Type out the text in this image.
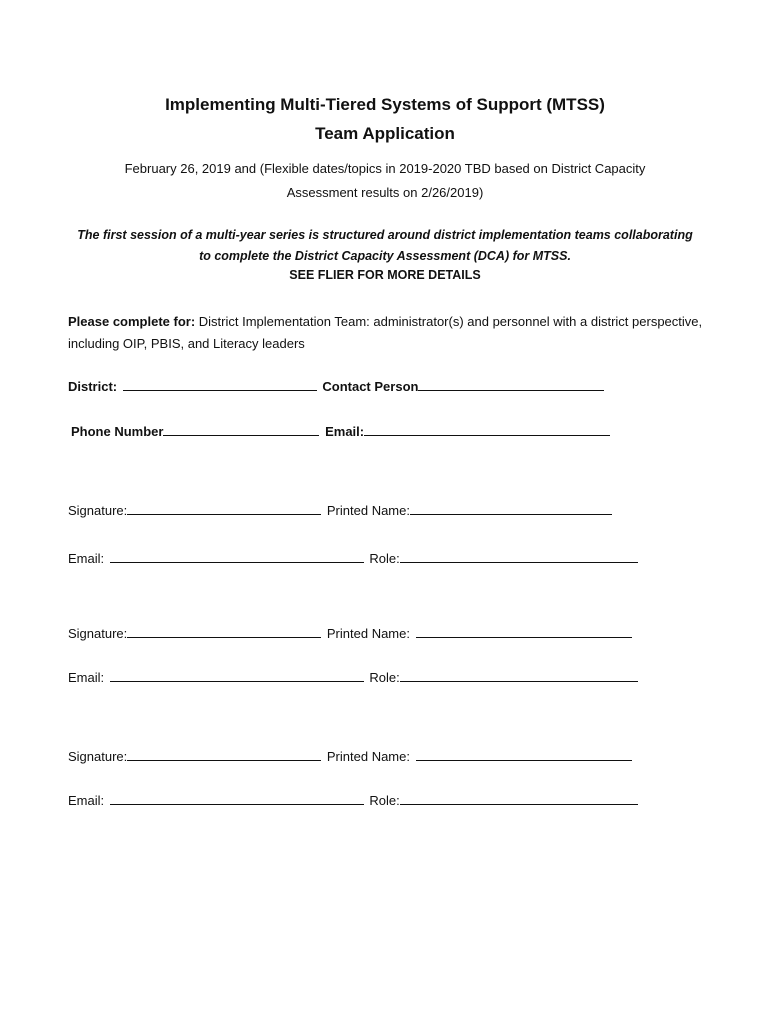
Implementing Multi-Tiered Systems of Support (MTSS)
Team Application
February 26, 2019 and (Flexible dates/topics in 2019-2020 TBD based on District Capacity Assessment results on 2/26/2019)
The first session of a multi-year series is structured around district implementation teams collaborating to complete the District Capacity Assessment (DCA) for MTSS.
SEE FLIER FOR MORE DETAILS
Please complete for: District Implementation Team: administrator(s) and personnel with a district perspective, including OIP, PBIS, and Literacy leaders
District:	Contact Person
Phone Number	Email:
Signature:	Printed Name:
Email:	Role:
Signature:	Printed Name:
Email:	Role:
Signature:	Printed Name:
Email:	Role:
